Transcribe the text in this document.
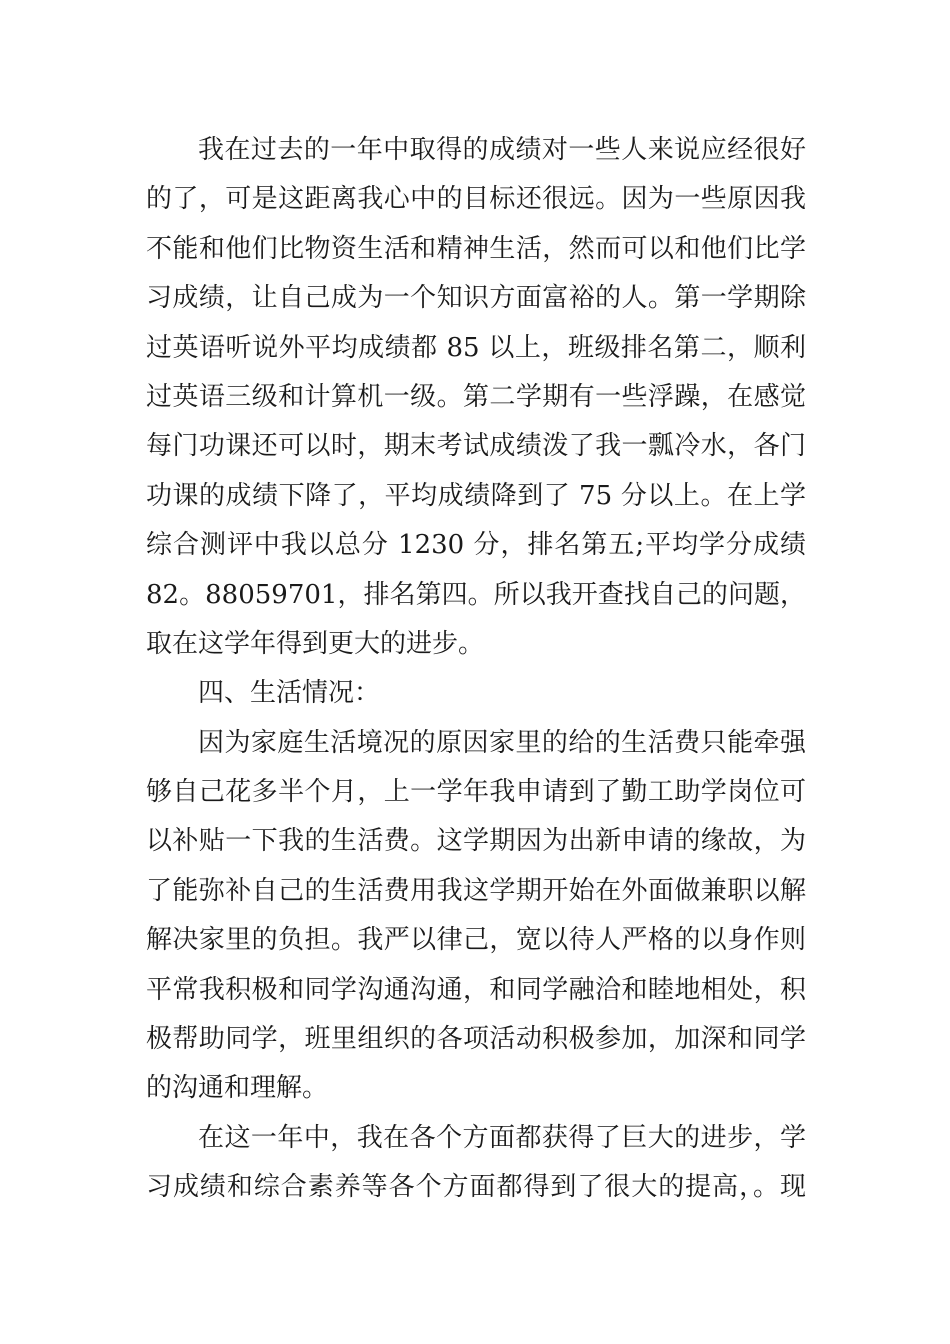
我在过去的一年中取得的成绩对一些人来说应经很好
的了，可是这距离我心中的目标还很远。因为一些原因我
不能和他们比物资生活和精神生活，然而可以和他们比学
习成绩，让自己成为一个知识方面富裕的人。第一学期除
过英语听说外平均成绩都 85 以上，班级排名第二，顺利
过英语三级和计算机一级。第二学期有一些浮躁，在感觉
每门功课还可以时，期末考试成绩泼了我一瓢冷水，各门
功课的成绩下降了，平均成绩降到了 75 分以上。在上学
综合测评中我以总分 1230 分，排名第五;平均学分成绩
82。88059701，排名第四。所以我开查找自己的问题，
取在这学年得到更大的进步。
四、生活情况：
因为家庭生活境况的原因家里的给的生活费只能牵强
够自己花多半个月，上一学年我申请到了勤工助学岗位可
以补贴一下我的生活费。这学期因为出新申请的缘故，为
了能弥补自己的生活费用我这学期开始在外面做兼职以解
解决家里的负担。我严以律己，宽以待人严格的以身作则
平常我积极和同学沟通沟通，和同学融洽和睦地相处，积
极帮助同学，班里组织的各项活动积极参加，加深和同学
的沟通和理解。
在这一年中，我在各个方面都获得了巨大的进步，学
习成绩和综合素养等各个方面都得到了很大的提高，。现
